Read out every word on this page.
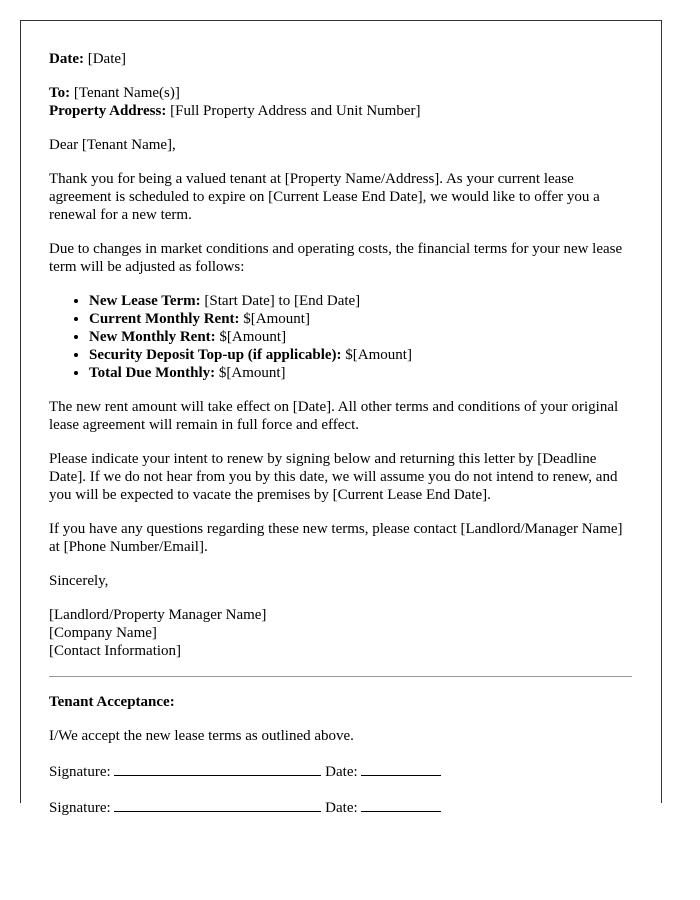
Date: [Date]

To: [Tenant Name(s)]
Property Address: [Full Property Address and Unit Number]

Dear [Tenant Name],

Thank you for being a valued tenant at [Property Name/Address]. As your current lease agreement is scheduled to expire on [Current Lease End Date], we would like to offer you a renewal for a new term.

Due to changes in market conditions and operating costs, the financial terms for your new lease term will be adjusted as follows:

• New Lease Term: [Start Date] to [End Date]
• Current Monthly Rent: $[Amount]
• New Monthly Rent: $[Amount]
• Security Deposit Top-up (if applicable): $[Amount]
• Total Due Monthly: $[Amount]

The new rent amount will take effect on [Date]. All other terms and conditions of your original lease agreement will remain in full force and effect.

Please indicate your intent to renew by signing below and returning this letter by [Deadline Date]. If we do not hear from you by this date, we will assume you do not intend to renew, and you will be expected to vacate the premises by [Current Lease End Date].

If you have any questions regarding these new terms, please contact [Landlord/Manager Name] at [Phone Number/Email].

Sincerely,

[Landlord/Property Manager Name]
[Company Name]
[Contact Information]

Tenant Acceptance:

I/We accept the new lease terms as outlined above.

Signature:	Date:

Signature:	Date:
